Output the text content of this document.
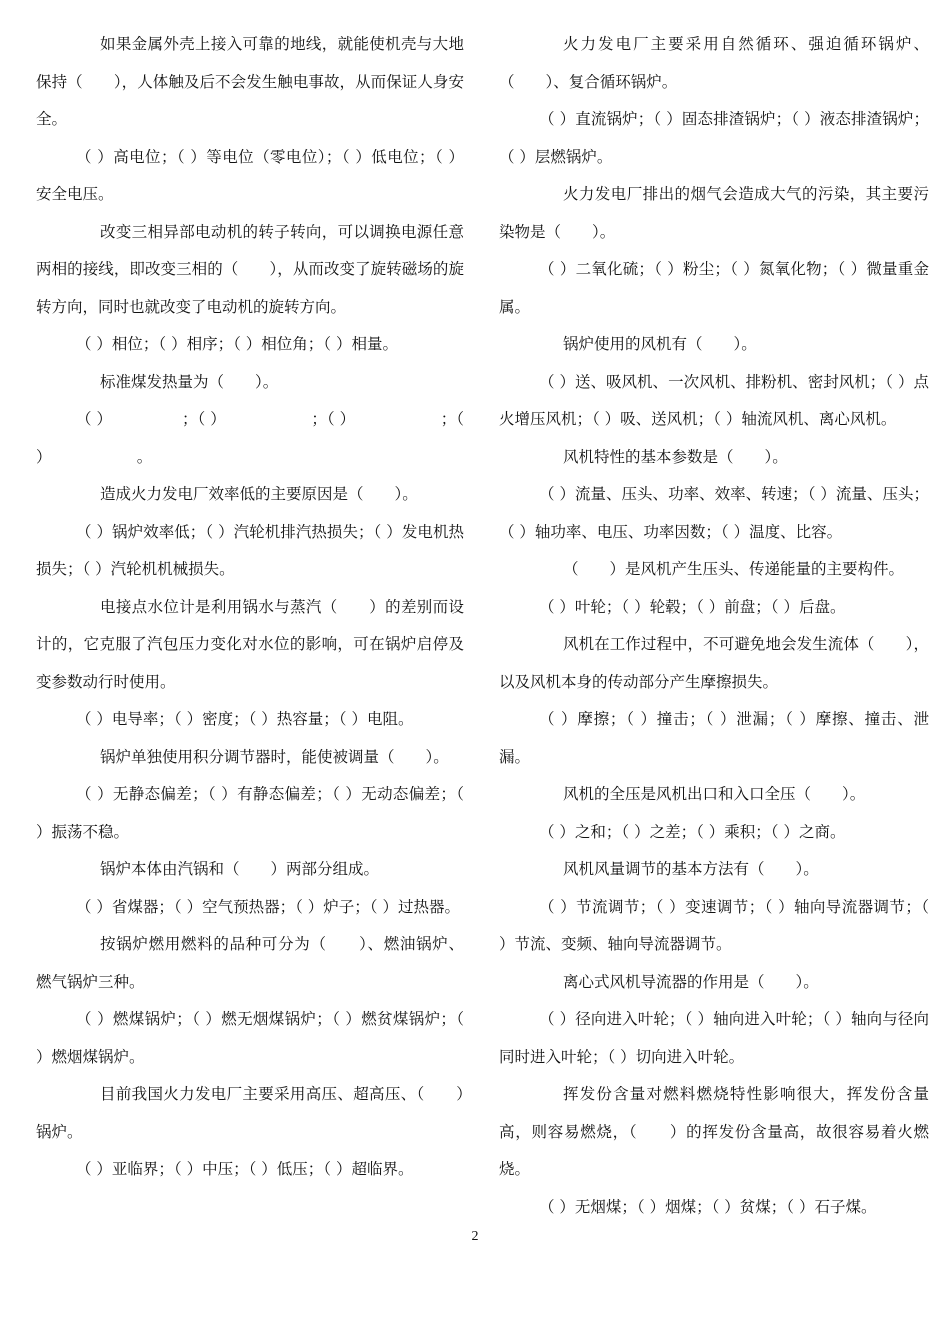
如果金属外壳上接入可靠的地线，就能使机壳与大地保持（　　），人体触及后不会发生触电事故，从而保证人身安全。

（ ）高电位；（ ）等电位（零电位）；（ ）低电位；（ ）安全电压。

改变三相异部电动机的转子转向，可以调换电源任意两相的接线，即改变三相的（　　），从而改变了旋转磁场的旋转方向，同时也就改变了电动机的旋转方向。

（ ）相位；（ ）相序；（ ）相位角；（ ）相量。

标准煤发热量为（　　）。

（ ）　　　　　；（ ）　　　　　　；（ ）　　　　　　；（ ）　　　　　　。

造成火力发电厂效率低的主要原因是（　　）。

（ ）锅炉效率低；（ ）汽轮机排汽热损失；（ ）发电机热损失；（ ）汽轮机机械损失。

电接点水位计是利用锅水与蒸汽（　　）的差别而设计的，它克服了汽包压力变化对水位的影响，可在锅炉启停及变参数动行时使用。

（ ）电导率；（ ）密度；（ ）热容量；（ ）电阻。

锅炉单独使用积分调节器时，能使被调量（　　）。

（ ）无静态偏差；（ ）有静态偏差；（ ）无动态偏差；（ ）振荡不稳。

锅炉本体由汽锅和（　　）两部分组成。

（ ）省煤器；（ ）空气预热器；（ ）炉子；（ ）过热器。

按锅炉燃用燃料的品种可分为（　　）、燃油锅炉、燃气锅炉三种。

（ ）燃煤锅炉；（ ）燃无烟煤锅炉；（ ）燃贫煤锅炉；（ ）燃烟煤锅炉。

目前我国火力发电厂主要采用高压、超高压、（　　）锅炉。

（ ）亚临界；（ ）中压；（ ）低压；（ ）超临界。

火力发电厂主要采用自然循环、强迫循环锅炉、（　　）、复合循环锅炉。

（ ）直流锅炉；（ ）固态排渣锅炉；（ ）液态排渣锅炉；（ ）层燃锅炉。

火力发电厂排出的烟气会造成大气的污染，其主要污染物是（　　）。

（ ）二氧化硫；（ ）粉尘；（ ）氮氧化物；（ ）微量重金属。

锅炉使用的风机有（　　）。

（ ）送、吸风机、一次风机、排粉机、密封风机；（ ）点火增压风机；（ ）吸、送风机；（ ）轴流风机、离心风机。

风机特性的基本参数是（　　）。

（ ）流量、压头、功率、效率、转速；（ ）流量、压头；（ ）轴功率、电压、功率因数；（ ）温度、比容。

（　　）是风机产生压头、传递能量的主要构件。

（ ）叶轮；（ ）轮毂；（ ）前盘；（ ）后盘。

风机在工作过程中，不可避免地会发生流体（　　），以及风机本身的传动部分产生摩擦损失。

（ ）摩擦；（ ）撞击；（ ）泄漏；（ ）摩擦、撞击、泄漏。

风机的全压是风机出口和入口全压（　　）。

（ ）之和；（ ）之差；（ ）乘积；（ ）之商。

风机风量调节的基本方法有（　　）。

（ ）节流调节；（ ）变速调节；（ ）轴向导流器调节；（ ）节流、变频、轴向导流器调节。

离心式风机导流器的作用是（　　）。

（ ）径向进入叶轮；（ ）轴向进入叶轮；（ ）轴向与径向同时进入叶轮；（ ）切向进入叶轮。

挥发份含量对燃料燃烧特性影响很大，挥发份含量高，则容易燃烧，（　　）的挥发份含量高，故很容易着火燃烧。

（ ）无烟煤；（ ）烟煤；（ ）贫煤；（ ）石子煤。

2
